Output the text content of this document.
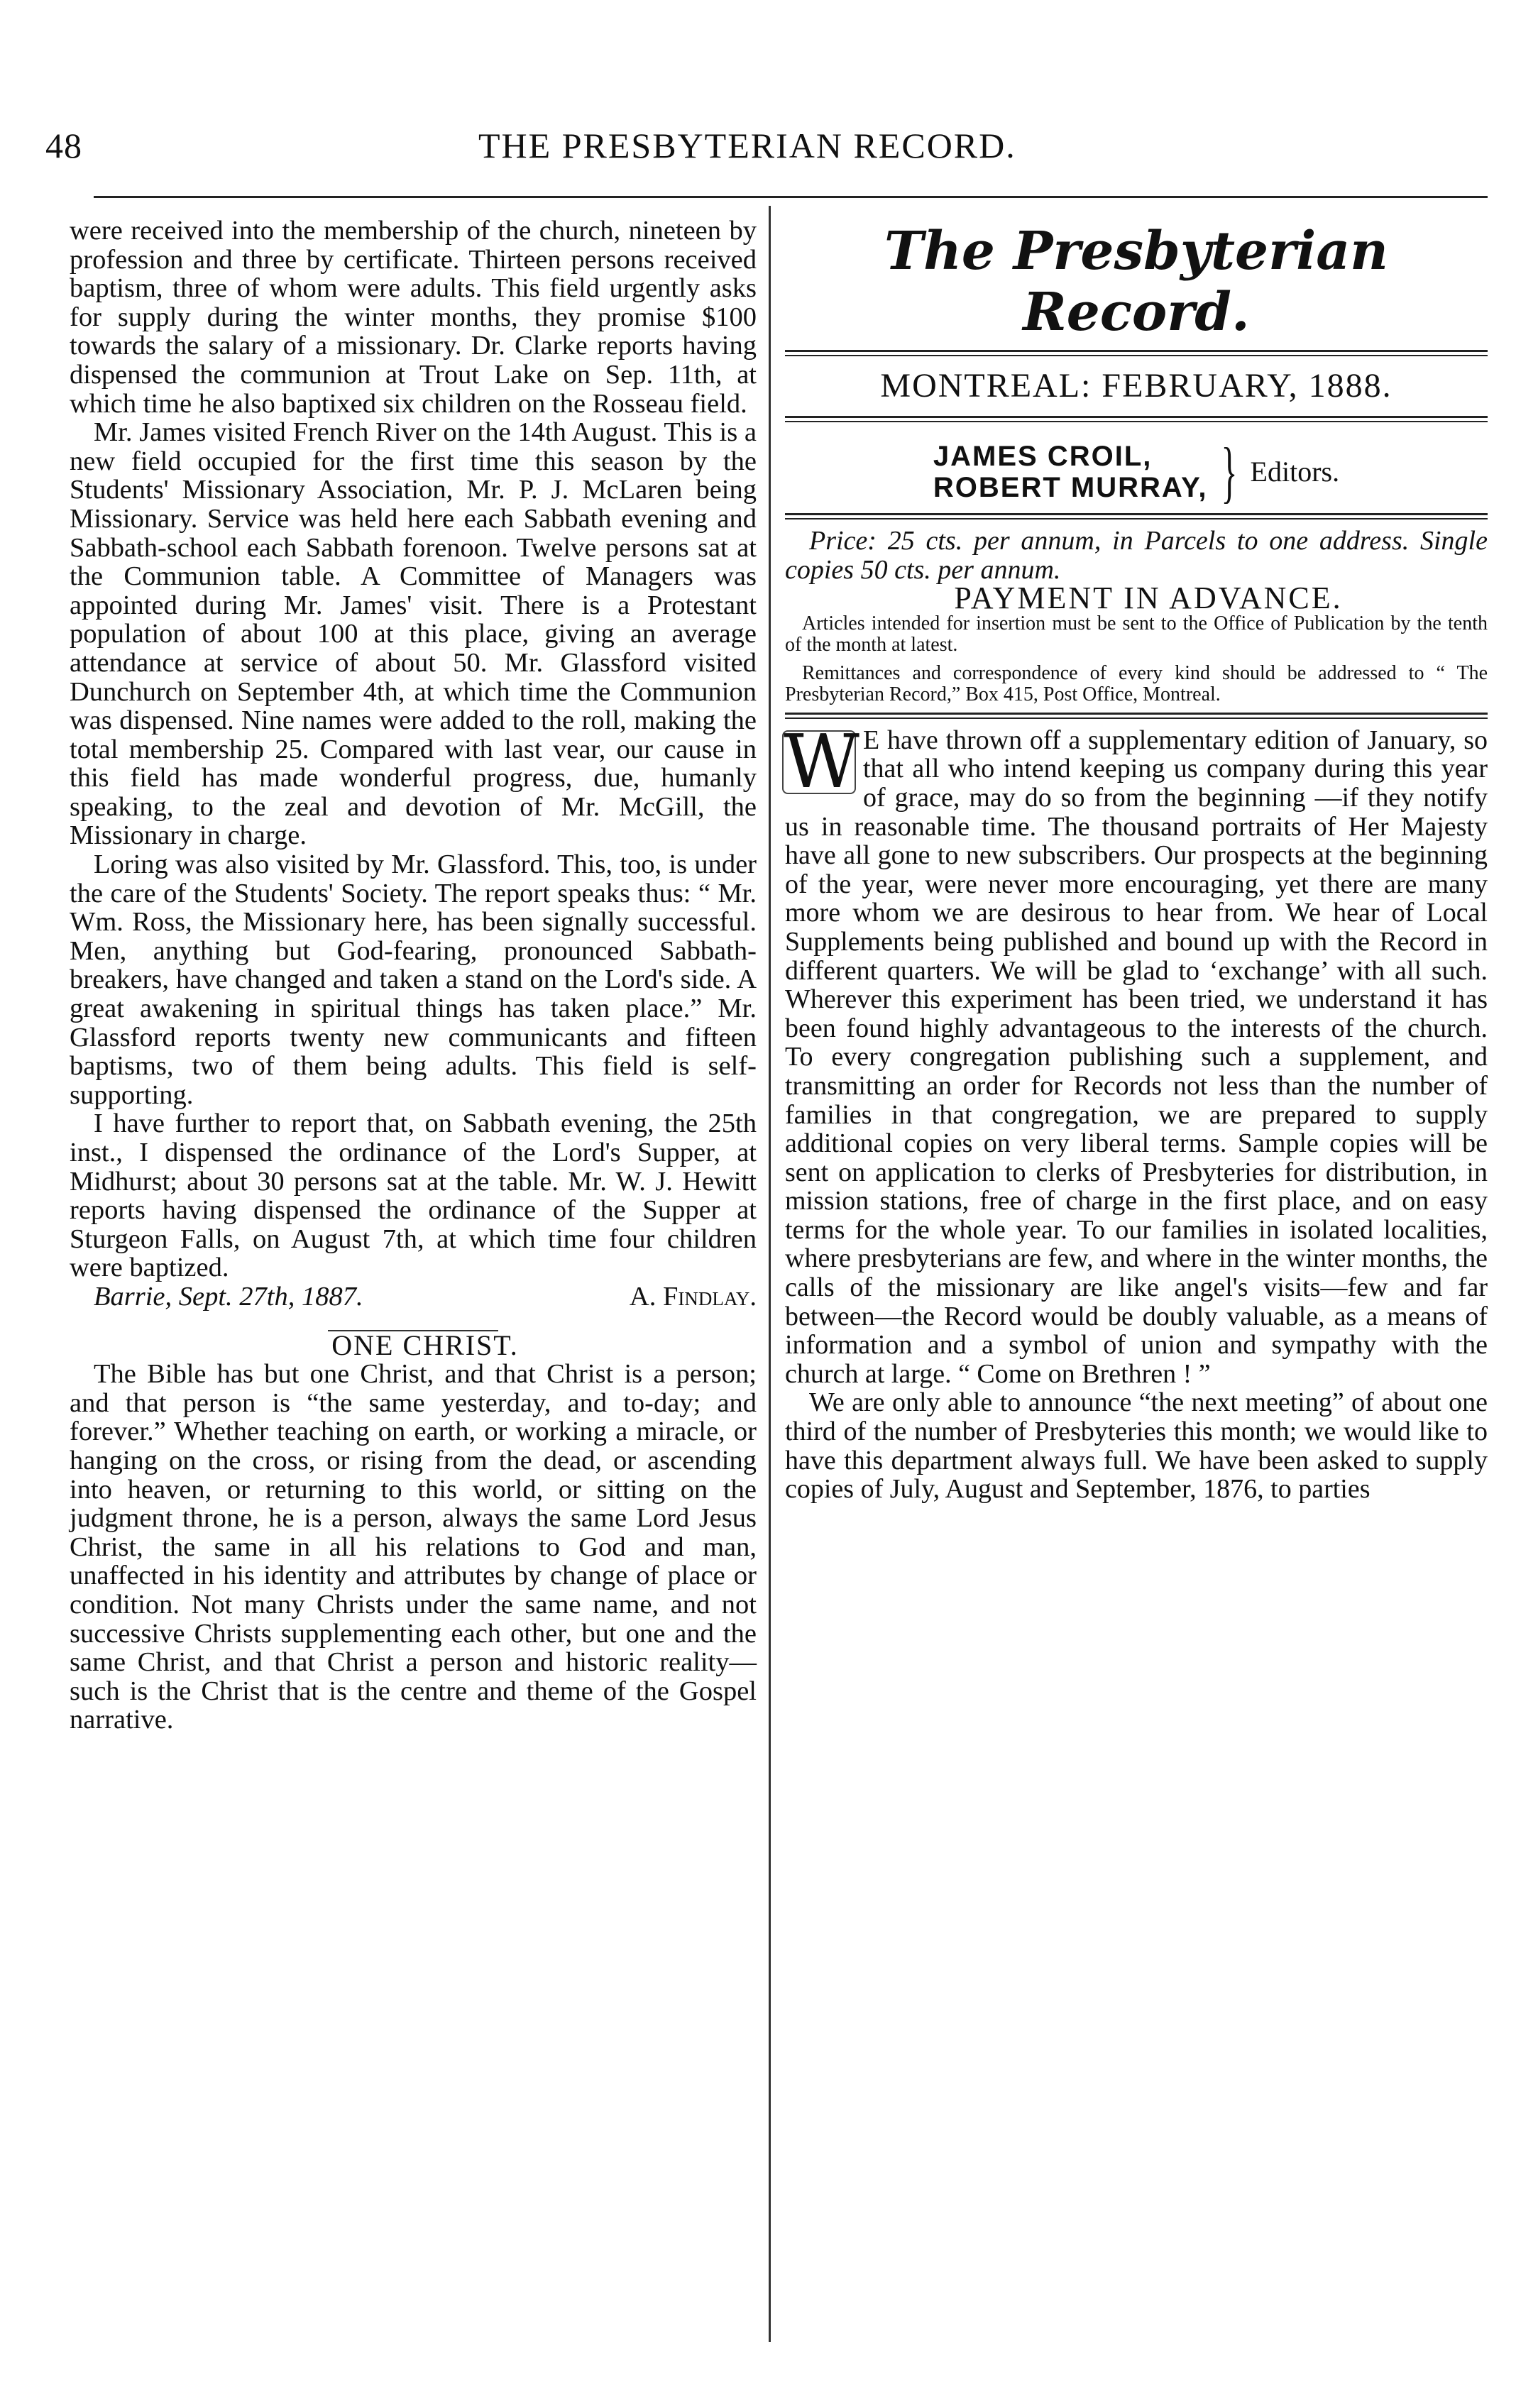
48	THE PRESBYTERIAN RECORD.

were received into the membership of the church, nineteen by profession and three by certificate. Thirteen persons received baptism, three of whom were adults. This field urgently asks for supply during the winter months, they promise $100 towards the salary of a missionary. Dr. Clarke reports having dispensed the communion at Trout Lake on Sep. 11th, at which time he also baptixed six children on the Rosseau field.

Mr. James visited French River on the 14th August. This is a new field occupied for the first time this season by the Students' Missionary Association, Mr. P. J. McLaren being Missionary. Service was held here each Sabbath evening and Sabbath-school each Sabbath forenoon. Twelve persons sat at the Communion table. A Committee of Managers was appointed during Mr. James' visit. There is a Protestant population of about 100 at this place, giving an average attendance at service of about 50. Mr. Glassford visited Dunchurch on September 4th, at which time the Communion was dispensed. Nine names were added to the roll, making the total membership 25. Compared with last vear, our cause in this field has made wonderful progress, due, humanly speaking, to the zeal and devotion of Mr. McGill, the Missionary in charge.

Loring was also visited by Mr. Glassford. This, too, is under the care of the Students' Society. The report speaks thus: “ Mr. Wm. Ross, the Missionary here, has been signally successful. Men, anything but God-fearing, pronounced Sabbath-breakers, have changed and taken a stand on the Lord's side. A great awakening in spiritual things has taken place.” Mr. Glassford reports twenty new communicants and fifteen baptisms, two of them being adults. This field is self-supporting.

I have further to report that, on Sabbath evening, the 25th inst., I dispensed the ordinance of the Lord's Supper, at Midhurst; about 30 persons sat at the table. Mr. W. J. Hewitt reports having dispensed the ordinance of the Supper at Sturgeon Falls, on August 7th, at which time four children were baptized.

Barrie, Sept. 27th, 1887.	A. Findlay.

ONE CHRIST.

The Bible has but one Christ, and that Christ is a person; and that person is “the same yesterday, and to-day; and forever.” Whether teaching on earth, or working a miracle, or hanging on the cross, or rising from the dead, or ascending into heaven, or returning to this world, or sitting on the judgment throne, he is a person, always the same Lord Jesus Christ, the same in all his relations to God and man, unaffected in his identity and attributes by change of place or condition. Not many Christs under the same name, and not successive Christs supplementing each other, but one and the same Christ, and that Christ a person and historic reality—such is the Christ that is the centre and theme of the Gospel narrative.

The Presbyterian Record.
MONTREAL: FEBRUARY, 1888.
JAMES CROIL,
ROBERT MURRAY, } Editors.

Price: 25 cts. per annum, in Parcels to one address. Single copies 50 cts. per annum.

PAYMENT IN ADVANCE.

Articles intended for insertion must be sent to the Office of Publication by the tenth of the month at latest.

Remittances and correspondence of every kind should be addressed to “ The Presbyterian Record,” Box 415, Post Office, Montreal.

W E have thrown off a supplementary edition of January, so that all who intend keeping us company during this year of grace, may do so from the beginning —if they notify us in reasonable time. The thousand portraits of Her Majesty have all gone to new subscribers. Our prospects at the beginning of the year, were never more encouraging, yet there are many more whom we are desirous to hear from. We hear of Local Supplements being published and bound up with the Record in different quarters. We will be glad to ‘exchange’ with all such. Wherever this experiment has been tried, we understand it has been found highly advantageous to the interests of the church. To every congregation publishing such a supplement, and transmitting an order for Records not less than the number of families in that congregation, we are prepared to supply additional copies on very liberal terms. Sample copies will be sent on application to clerks of Presbyteries for distribution, in mission stations, free of charge in the first place, and on easy terms for the whole year. To our families in isolated localities, where presbyterians are few, and where in the winter months, the calls of the missionary are like angel's visits—few and far between—the Record would be doubly valuable, as a means of information and a symbol of union and sympathy with the church at large. “ Come on Brethren ! ”

We are only able to announce “the next meeting” of about one third of the number of Presbyteries this month; we would like to have this department always full. We have been asked to supply copies of July, August and September, 1876, to parties
